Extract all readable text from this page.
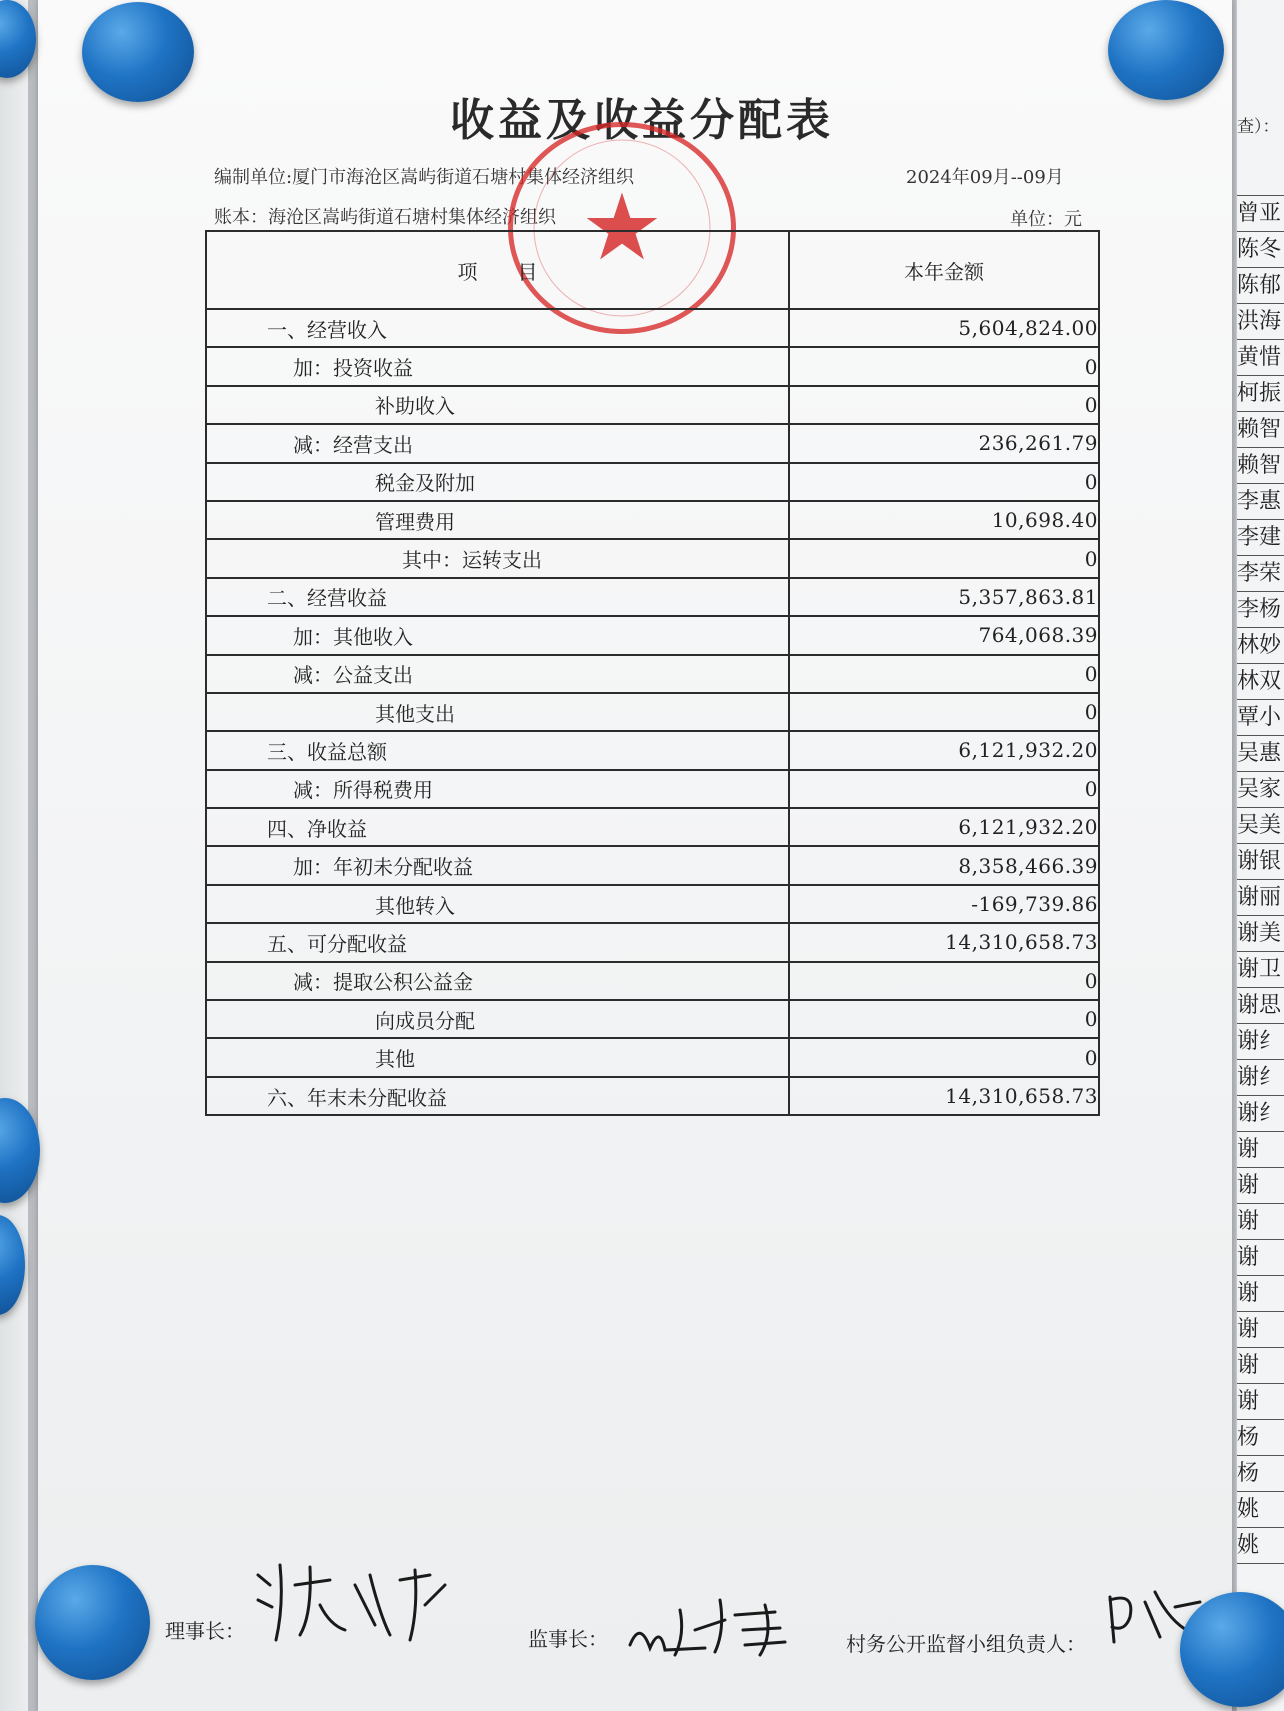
查）：
曾亚
陈冬
陈郁
洪海
黄惜
柯振
赖智
赖智
李惠
李建
李荣
李杨
林妙
林双
覃小
吴惠
吴家
吴美
谢银
谢丽
谢美
谢卫
谢思
谢纟
谢纟
谢纟
谢
谢
谢
谢
谢
谢
谢
谢
杨
杨
姚
姚
收益及收益分配表
编制单位:厦门市海沧区嵩屿街道石塘村集体经济组织	2024年09月--09月
账本：海沧区嵩屿街道石塘村集体经济组织	单位：元
★
项　　目	本年金额
一、经营收入	5,604,824.00
加：投资收益	0
补助收入	0
减：经营支出	236,261.79
税金及附加	0
管理费用	10,698.40
其中：运转支出	0
二、经营收益	5,357,863.81
加：其他收入	764,068.39
减：公益支出	0
其他支出	0
三、收益总额	6,121,932.20
减：所得税费用	0
四、净收益	6,121,932.20
加：年初未分配收益	8,358,466.39
其他转入	-169,739.86
五、可分配收益	14,310,658.73
减：提取公积公益金	0
向成员分配	0
其他	0
六、年末未分配收益	14,310,658.73
理事长：	监事长：	村务公开监督小组负责人：
